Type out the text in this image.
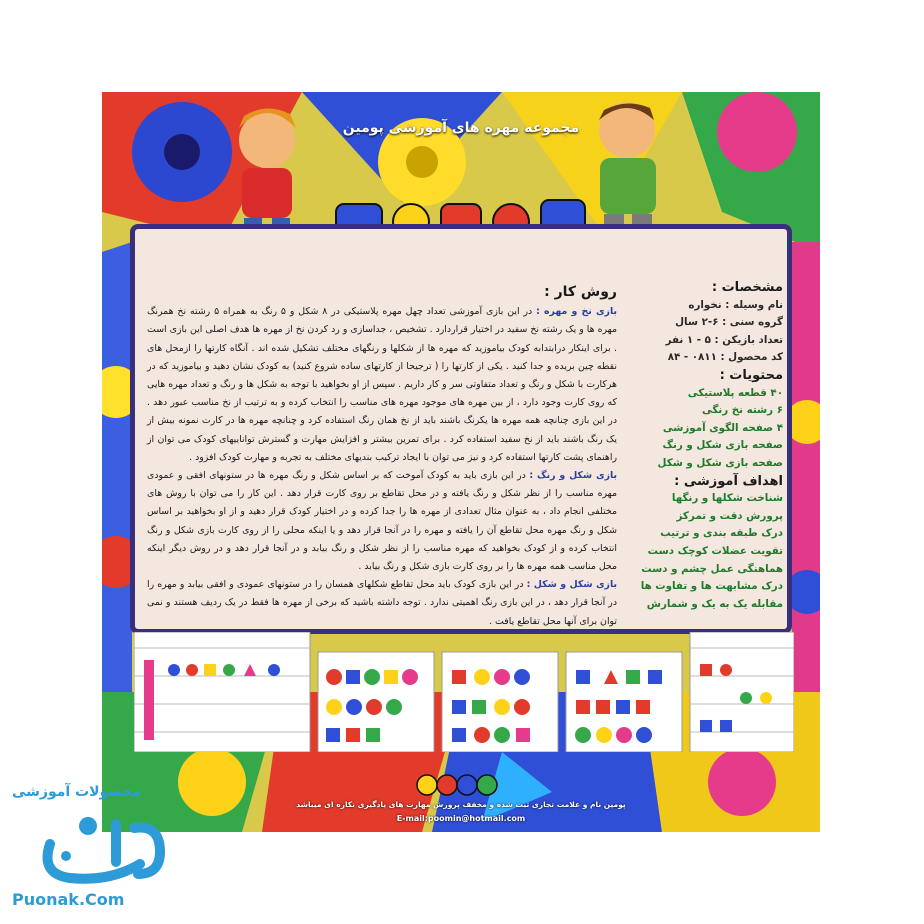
مجموعه مهره های آموزشی پومین
مشخصات :
نام وسیله : نخواره
گروه سنی : ۶-۲ سال
تعداد بازیکن : ۵ - ۱ نفر
کد محصول : ۰۸۱۱ - ۸۴
محتویات :
۴۰ قطعه پلاستیکی
۶ رشته نخ رنگی
۴ صفحه الگوی آموزشی
صفحه بازی شکل و رنگ
صفحه بازی شکل و شکل
اهداف آموزشی :
شناخت شکلها و رنگها
پرورش دقت و تمرکز
درک طبقه بندی و ترتیب
تقویت عضلات کوچک دست
هماهنگی عمل چشم و دست
درک مشابهت ها و تفاوت ها
مقابله یک به یک و شمارش
روش کار :
بازی نخ و مهره : در این بازی آموزشی تعداد چهل مهره پلاستیکی در ۸ شکل و ۵ رنگ به همراه ۵ رشته نخ همرنگ مهره ها و یک رشته نخ سفید در اختیار قراردارد . تشخیص ، جداسازی و رد کردن نخ از مهره ها هدف اصلی این بازی است . برای اینکار درابتدابه کودک بیاموزید که مهره ها از شکلها و رنگهای مختلف تشکیل شده اند . آنگاه کارتها را ازمحل های نقطه چین بریده و جدا کنید . یکی از کارتها را ( ترجیحا از کارتهای ساده شروع کنید) به کودک نشان دهید و بیاموزید که در هرکارت با شکل و رنگ و تعداد متفاوتی سر و کار داریم . سپس از او بخواهید با توجه به شکل ها و رنگ و تعداد مهره هایی که روی کارت وجود دارد ، از بین مهره های موجود مهره های مناسب را انتخاب کرده و به ترتیب از نخ مناسب عبور دهد . در این بازی چنانچه همه مهره ها یکرنگ باشند باید از نخ همان رنگ استفاده کرد و چنانچه مهره ها در کارت نمونه بیش از یک رنگ باشند باید از نخ سفید استفاده کرد . برای تمرین بیشتر و افزایش مهارت و گسترش تواناییهای کودک می توان از راهنمای پشت کارتها استفاده کرد و نیز می توان با ایجاد ترکیب بندیهای مختلف به تجربه و مهارت کودک افزود .
بازی شکل و رنگ : در این بازی باید به کودک آموخت که بر اساس شکل و رنگ مهره ها در ستونهای افقی و عمودی مهره مناسب را از نظر شکل و رنگ یافته و در محل تقاطع بر روی کارت قرار دهد . این کار را می توان با روش های مختلفی انجام داد ، به عنوان مثال تعدادی از مهره ها را جدا کرده و در اختیار کودک قرار دهید و از او بخواهید بر اساس شکل و رنگ مهره محل تقاطع آن را یافته و مهره را در آنجا قرار دهد و یا اینکه محلی را از روی کارت بازی شکل و رنگ انتخاب کرده و از کودک بخواهید که مهره مناسب را از نظر شکل و رنگ بیابد و در آنجا قرار دهد و در روش دیگر اینکه محل مناسب همه مهره ها را بر روی کارت بازی شکل و رنگ بیابد .
بازی شکل و شکل : در این بازی کودک باید محل تقاطع شکلهای همسان را در ستونهای عمودی و افقی بیابد و مهره را در آنجا قرار دهد ، در این بازی رنگ اهمیتی ندارد . توجه داشته باشید که برخی از مهره ها فقط در یک ردیف هستند و نمی توان برای آنها محل تقاطع یافت .
پومین نام و علامت تجاری ثبت شده و مخفف پرورش مهارت های یادگیری نکاره ای میباشد
E-mail:poomin@hotmail.com
محصولات آموزشی
Puonak.Com
